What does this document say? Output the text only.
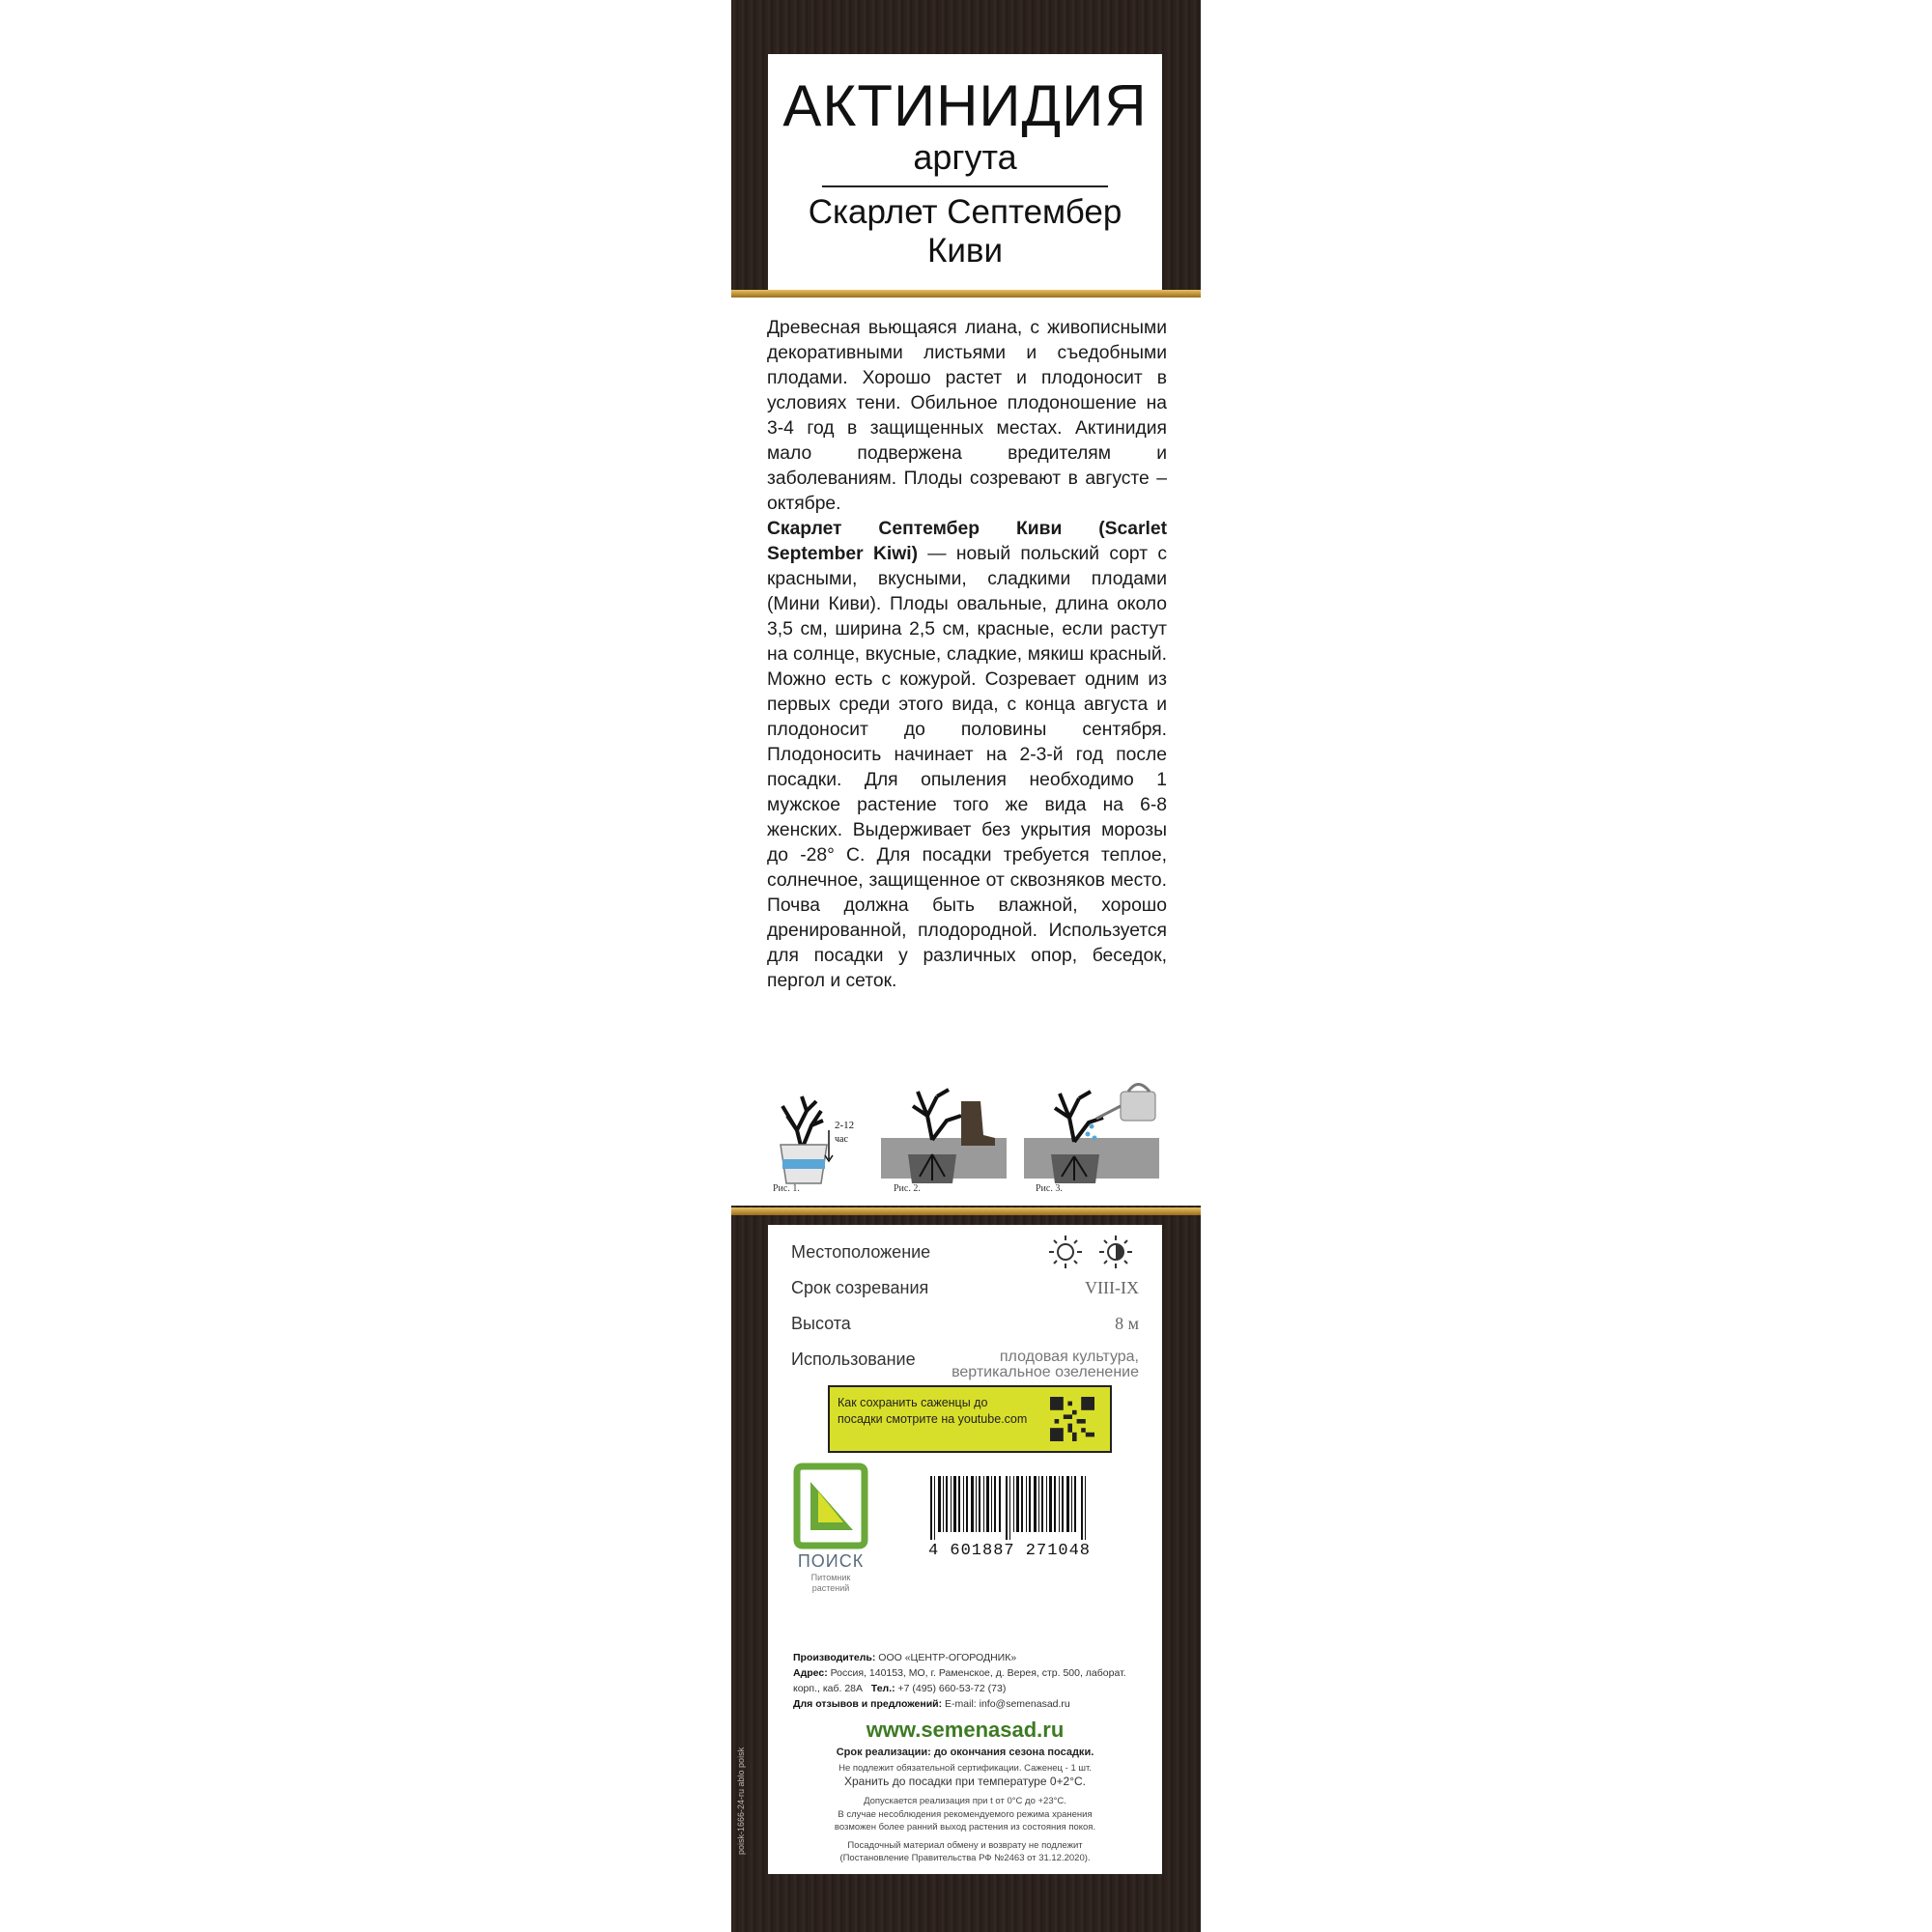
poisk-1666-24-ru ablo poisk
АКТИНИДИЯ
аргута
Скарлет Септембер
Киви
Древесная вьющаяся лиана, с живописными декоративными листьями и съедобными плодами. Хорошо растет и плодоносит в условиях тени. Обильное плодоношение на 3-4 год в защищенных местах. Актинидия мало подвержена вредителям и заболеваниям. Плоды созревают в августе – октябре.
Скарлет Септембер Киви (Scarlet September Kiwi) — новый польский сорт с красными, вкусными, сладкими плодами (Мини Киви). Плоды овальные, длина около 3,5 см, ширина 2,5 см, красные, если растут на солнце, вкусные, сладкие, мякиш красный. Можно есть с кожурой. Созревает одним из первых среди этого вида, с конца августа и плодоносит до половины сентября. Плодоносить начинает на 2-3-й год после посадки. Для опыления необходимо 1 мужское растение того же вида на 6-8 женских. Выдерживает без укрытия морозы до -28° С. Для посадки требуется теплое, солнечное, защищенное от сквозняков место. Почва должна быть влажной, хорошо дренированной, плодородной. Используется для посадки у различных опор, беседок, пергол и сеток.
2-12
час
Рис. 1.	Рис. 2.	Рис. 3.
Местоположение
Срок созревания	VIII-IX
Высота	8 м
Использование	плодовая культура,
вертикальное озеленение
Как сохранить саженцы до посадки смотрите на youtube.com
ПОИСК
Питомник
растений
4 601887 271048
Производитель: ООО «ЦЕНТР-ОГОРОДНИК»
Адрес: Россия, 140153, МО, г. Раменское, д. Верея, стр. 500, лаборат. корп., каб. 28А Тел.: +7 (495) 660-53-72 (73)
Для отзывов и предложений: E-mail: info@semenasad.ru
www.semenasad.ru
Срок реализации: до окончания сезона посадки.
Не подлежит обязательной сертификации. Саженец - 1 шт.
Хранить до посадки при температуре 0+2°С.
Допускается реализация при t от 0°С до +23°С.
В случае несоблюдения рекомендуемого режима хранения
возможен более ранний выход растения из состояния покоя.
Посадочный материал обмену и возврату не подлежит
(Постановление Правительства РФ №2463 от 31.12.2020).
